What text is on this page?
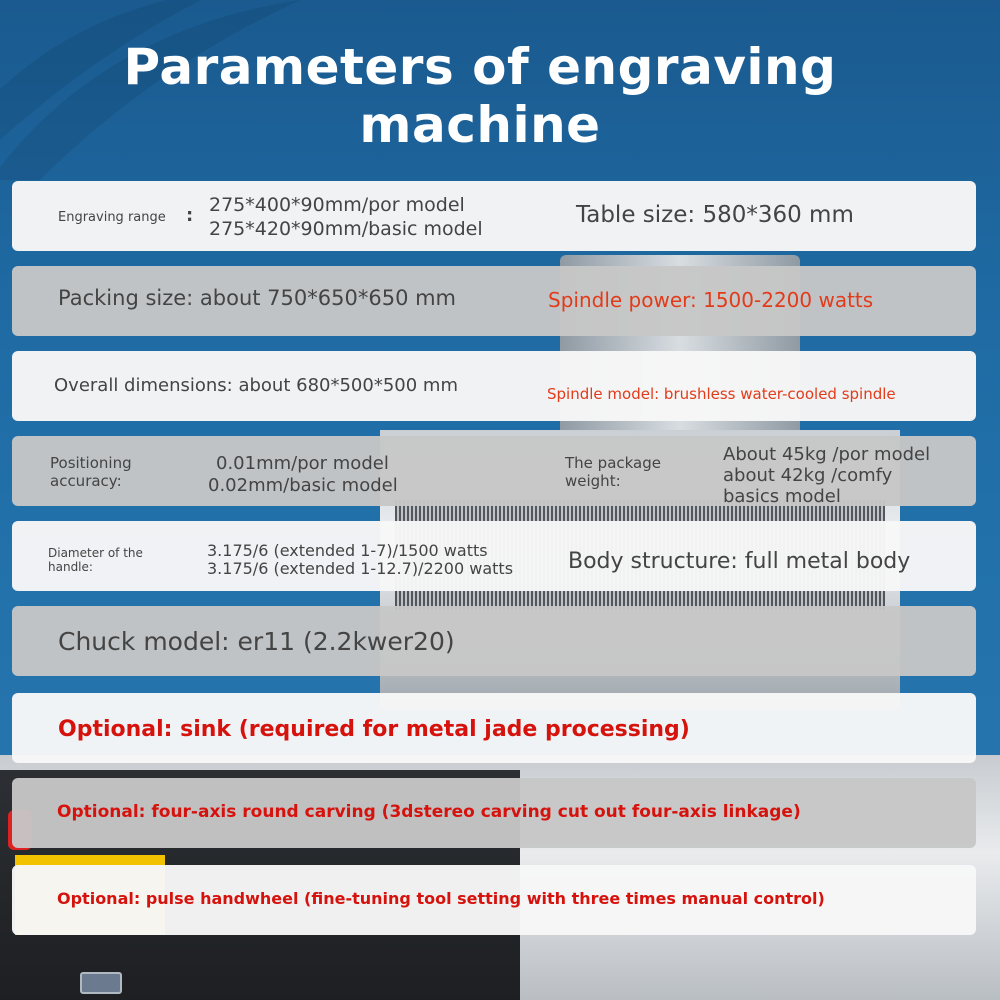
Parameters of engraving machine
Engraving range : 275*400*90mm/por model
275*420*90mm/basic model
Table size: 580*360 mm
Packing size: about 750*650*650 mm	Spindle power: 1500-2200 watts
Overall dimensions: about 680*500*500 mm	Spindle model: brushless water-cooled spindle
Positioning
accuracy:
0.01mm/por model
0.02mm/basic model
The package
weight:
About 45kg /por model
about 42kg /comfy
basics model
Diameter of the
handle:
3.175/6 (extended 1-7)/1500 watts
3.175/6 (extended 1-12.7)/2200 watts Body structure: full metal body
Chuck model: er11 (2.2kwer20)
Optional: sink (required for metal jade processing)
Optional: four-axis round carving (3dstereo carving cut out four-axis linkage)
Optional: pulse handwheel (fine-tuning tool setting with three times manual control)
